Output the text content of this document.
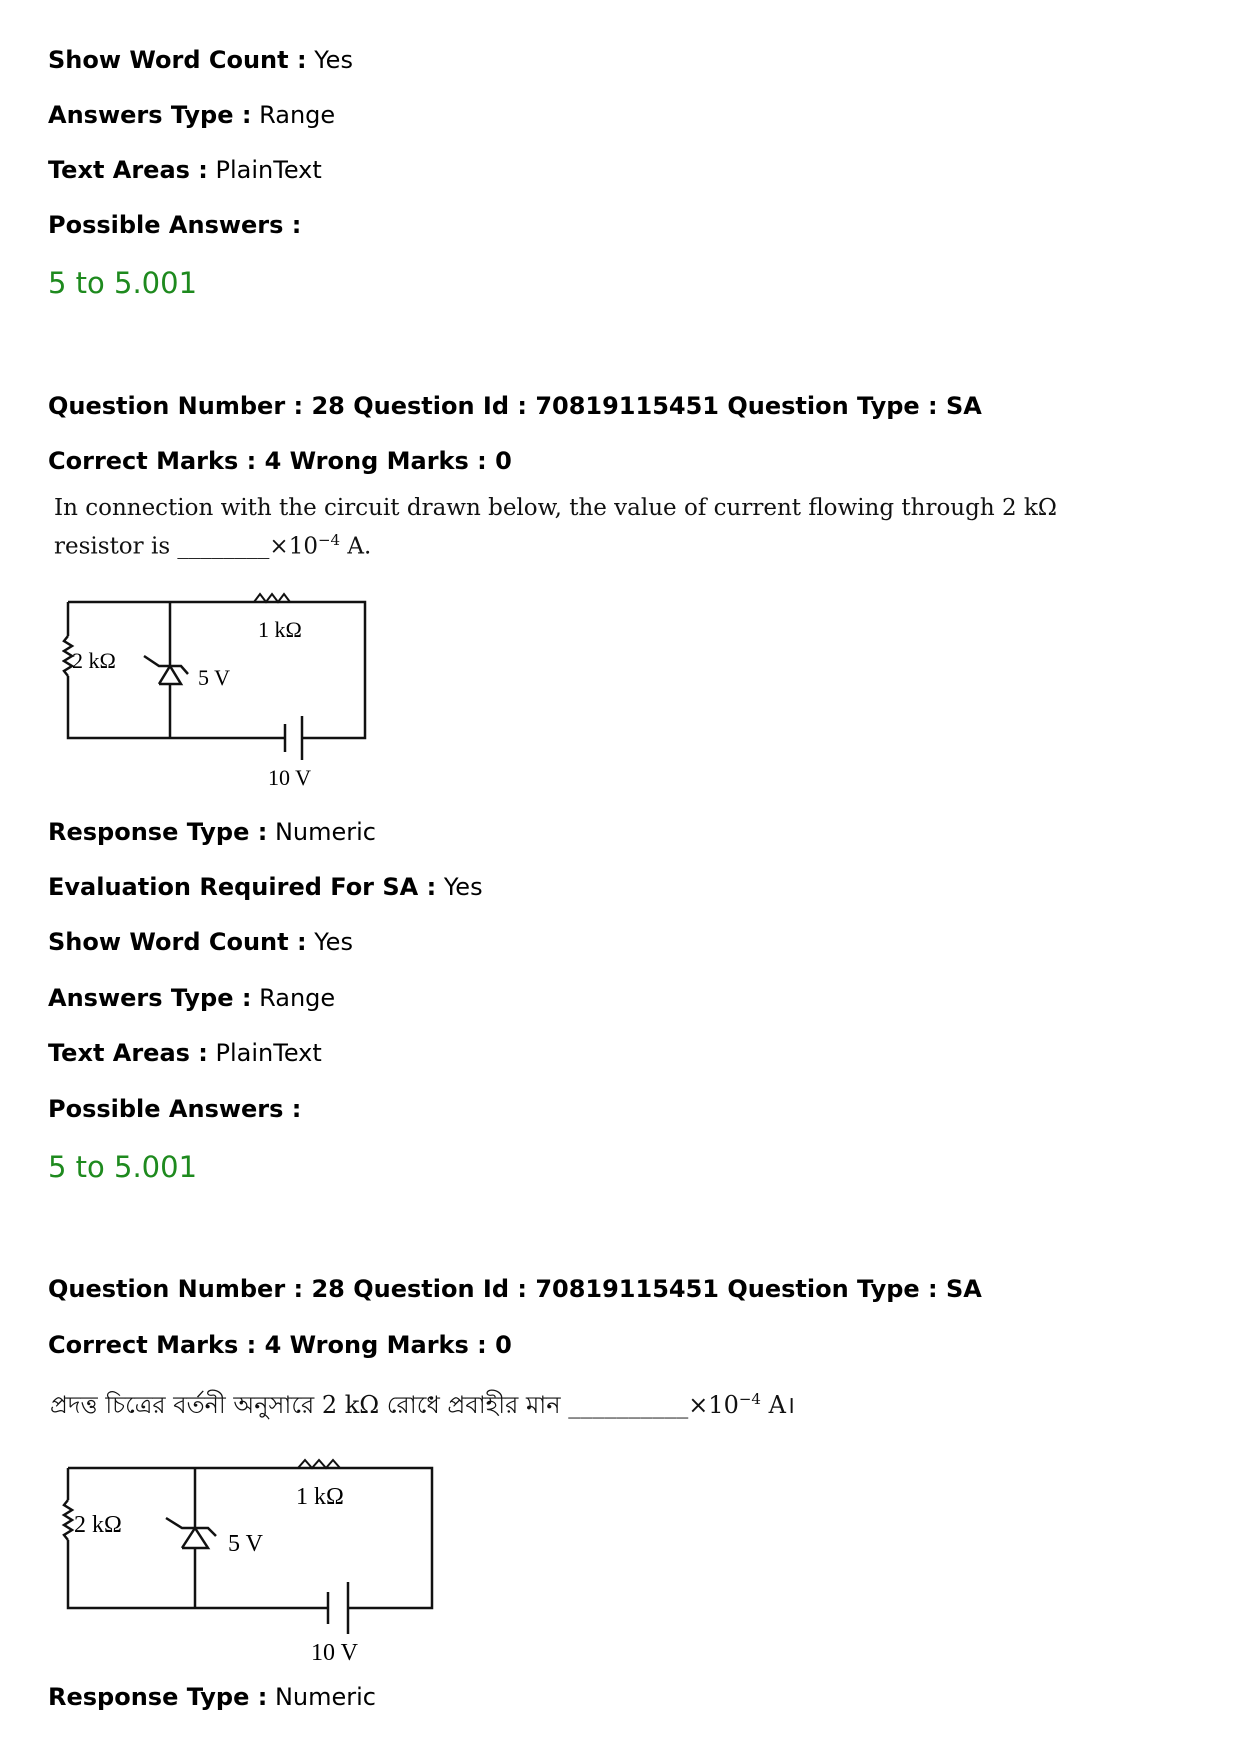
Show Word Count : Yes
Answers Type : Range
Text Areas : PlainText
Possible Answers :
5 to 5.001
Question Number : 28 Question Id : 70819115451 Question Type : SA
Correct Marks : 4 Wrong Marks : 0
In connection with the circuit drawn below, the value of current flowing through 2 kΩ
resistor is $\_\_\_\_\_\_\_\_\times 10^{-4}$ A.
2 kΩ
1 kΩ
5 V
10 V
Response Type : Numeric
Evaluation Required For SA : Yes
Show Word Count : Yes
Answers Type : Range
Text Areas : PlainText
Possible Answers :
5 to 5.001
Question Number : 28 Question Id : 70819115451 Question Type : SA
Correct Marks : 4 Wrong Marks : 0
প্রদত্ত চিত্রের বর্তনী অনুসারে 2 kΩ রোধে প্রবাহীর মান $\_\_\_\_\_\_\_\_\_\_\times 10^{-4}$ A।
2 kΩ
1 kΩ
5 V
10 V
Response Type : Numeric
